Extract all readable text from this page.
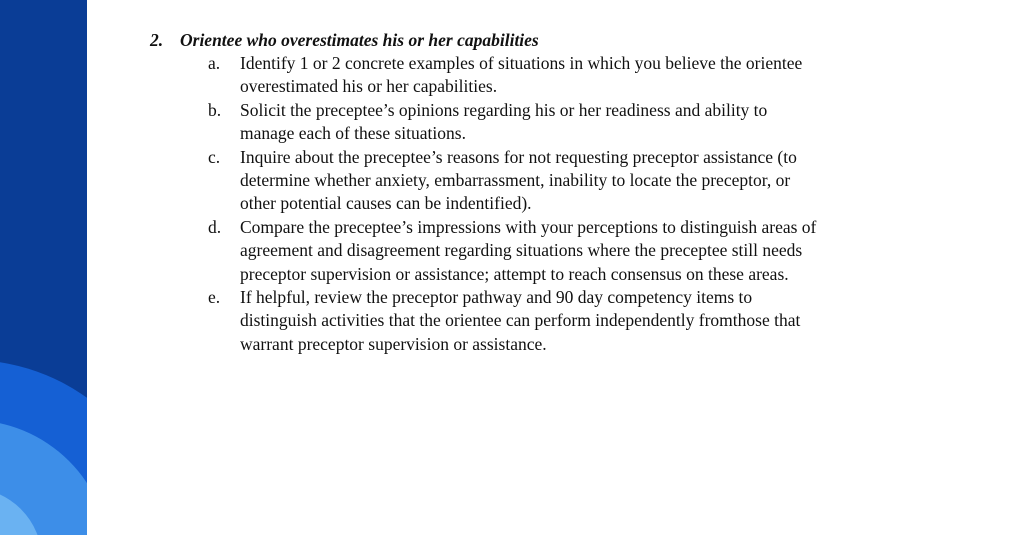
2. Orientee who overestimates his or her capabilities
a. Identify 1 or 2 concrete examples of situations in which you believe the orientee
overestimated his or her capabilities.
b. Solicit the preceptee’s opinions regarding his or her readiness and ability to
manage each of these situations.
c. Inquire about the preceptee’s reasons for not requesting preceptor assistance (to
determine whether anxiety, embarrassment, inability to locate the preceptor, or
other potential causes can be indentified).
d. Compare the preceptee’s impressions with your perceptions to distinguish areas of
agreement and disagreement regarding situations where the preceptee still needs
preceptor supervision or assistance; attempt to reach consensus on these areas.
e. If helpful, review the preceptor pathway and 90 day competency items to
distinguish activities that the orientee can perform independently fromthose that
warrant preceptor supervision or assistance.
